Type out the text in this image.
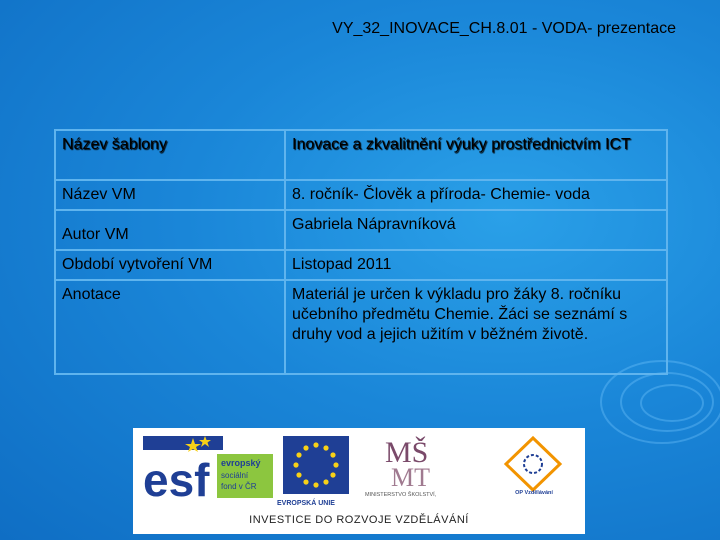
VY_32_INOVACE_CH.8.01 - VODA- prezentace
Název šablony	Inovace a zkvalitnění výuky prostřednictvím ICT
Název VM	8. ročník- Člověk a příroda- Chemie- voda
Autor VM	Gabriela Nápravníková
Období vytvoření VM	Listopad 2011
Anotace	Materiál je určen k výkladu pro žáky 8. ročníku učebního předmětu Chemie. Žáci se seznámí s druhy vod a jejich užitím v běžném životě.
esf evropský
sociální
fond v ČR
EVROPSKÁ UNIE
MŠ
MT
MINISTERSTVO ŠKOLSTVÍ,	OP Vzdělávání
INVESTICE DO ROZVOJE VZDĚLÁVÁNÍ
